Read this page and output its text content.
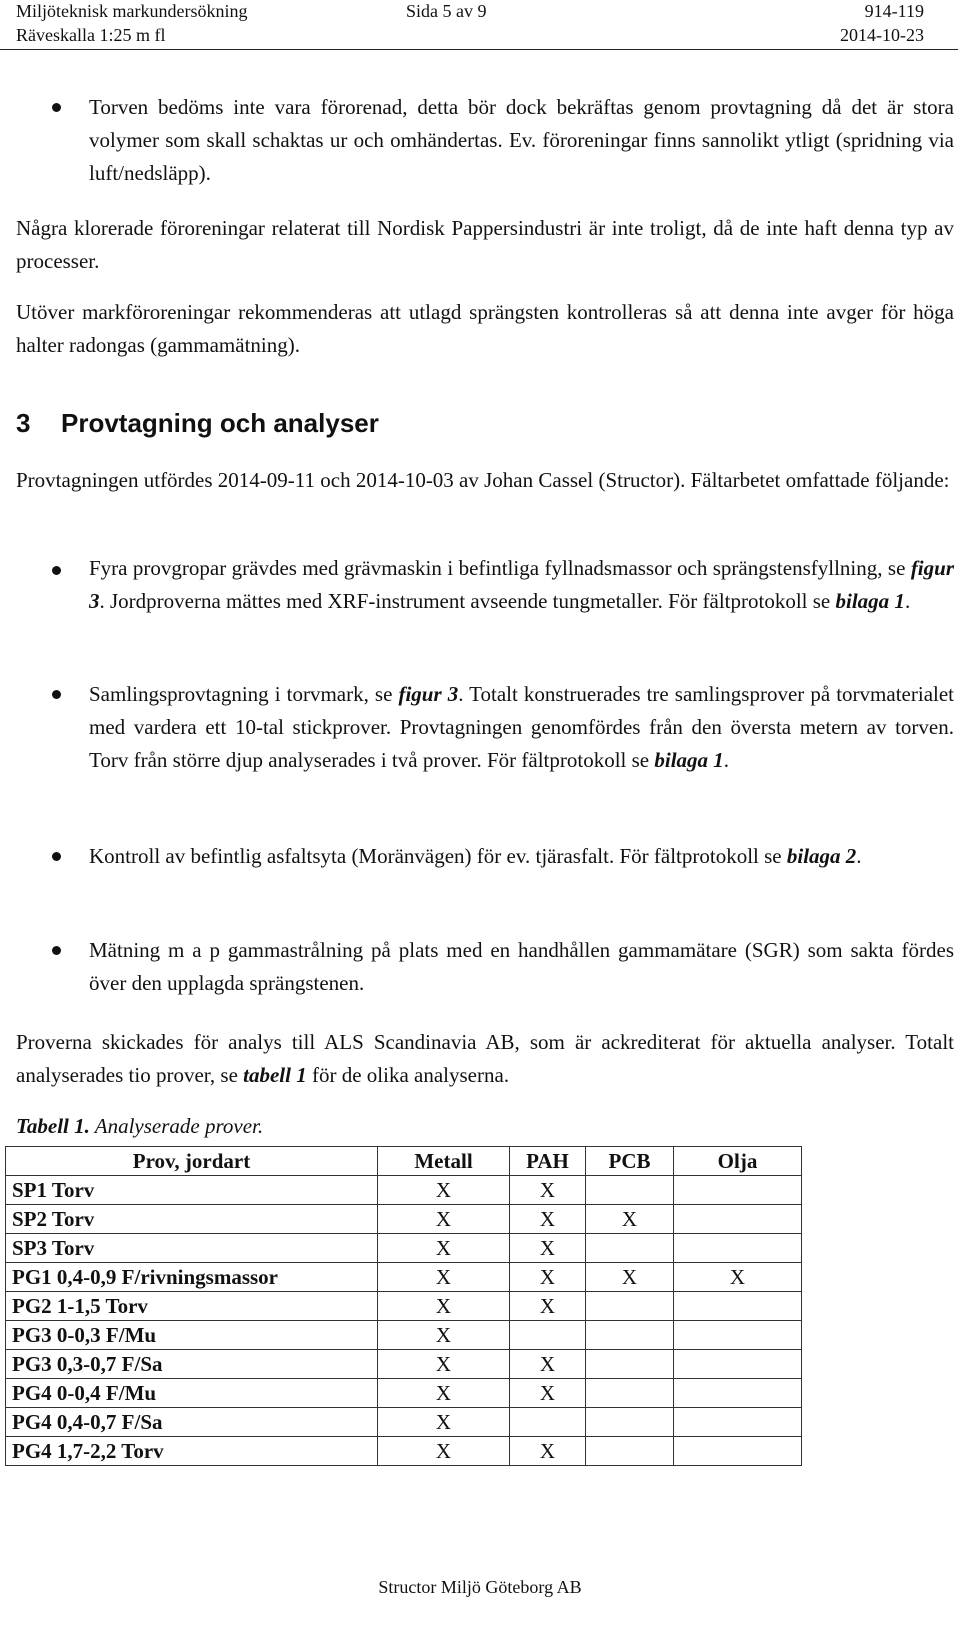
Miljöteknisk markundersökning	Sida 5 av 9	914-119
Räveskalla 1:25 m fl	2014-10-23

Torven bedöms inte vara förorenad, detta bör dock bekräftas genom provtagning då det är stora volymer som skall schaktas ur och omhändertas. Ev. föroreningar finns sannolikt ytligt (spridning via luft/nedsläpp).

Några klorerade föroreningar relaterat till Nordisk Pappersindustri är inte troligt, då de inte haft denna typ av processer.

Utöver markföroreningar rekommenderas att utlagd sprängsten kontrolleras så att denna inte avger för höga halter radongas (gammamätning).

3 Provtagning och analyser

Provtagningen utfördes 2014-09-11 och 2014-10-03 av Johan Cassel (Structor). Fältarbetet omfattade följande:

Fyra provgropar grävdes med grävmaskin i befintliga fyllnadsmassor och sprängstensfyllning, se figur 3. Jordproverna mättes med XRF-instrument avseende tungmetaller. För fältprotokoll se bilaga 1.

Samlingsprovtagning i torvmark, se figur 3. Totalt konstruerades tre samlingsprover på torvmaterialet med vardera ett 10-tal stickprover. Provtagningen genomfördes från den översta metern av torven. Torv från större djup analyserades i två prover. För fältprotokoll se bilaga 1.

Kontroll av befintlig asfaltsyta (Moränvägen) för ev. tjärasfalt. För fältprotokoll se bilaga 2.

Mätning m a p gammastrålning på plats med en handhållen gammamätare (SGR) som sakta fördes över den upplagda sprängstenen.

Proverna skickades för analys till ALS Scandinavia AB, som är ackrediterat för aktuella analyser. Totalt analyserades tio prover, se tabell 1 för de olika analyserna.

Tabell 1. Analyserade prover.

Prov, jordart	Metall	PAH	PCB	Olja
SP1 Torv	X	X		
SP2 Torv	X	X	X	
SP3 Torv	X	X		
PG1 0,4-0,9 F/rivningsmassor	X	X	X	X
PG2 1-1,5 Torv	X	X		
PG3 0-0,3 F/Mu	X			
PG3 0,3-0,7 F/Sa	X	X		
PG4 0-0,4 F/Mu	X	X		
PG4 0,4-0,7 F/Sa	X			
PG4 1,7-2,2 Torv	X	X		
Structor Miljö Göteborg AB
